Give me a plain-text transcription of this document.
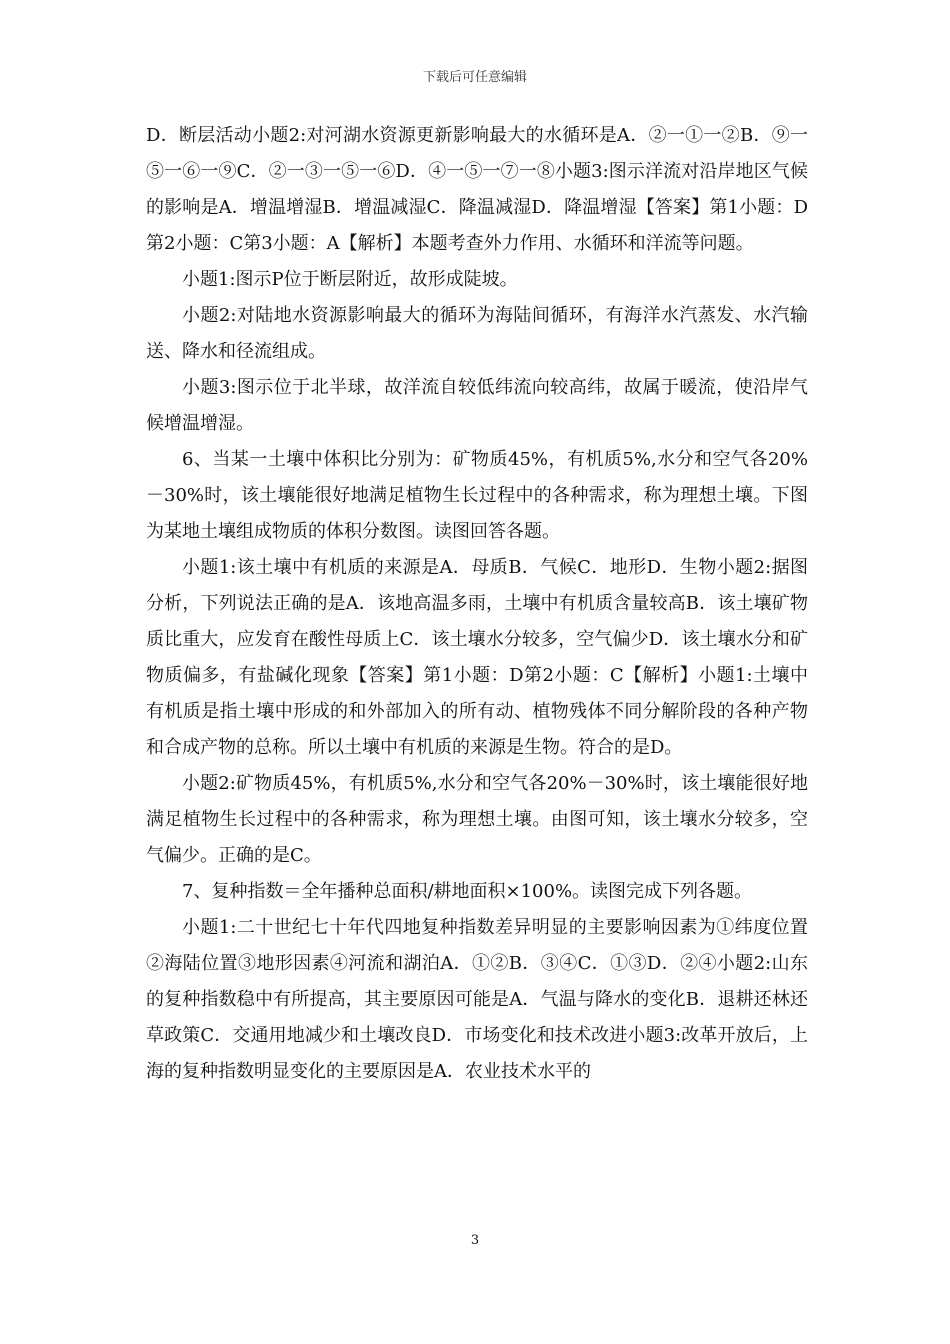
下载后可任意编辑

D．断层活动小题2:对河湖水资源更新影响最大的水循环是A．②一①一②B．⑨一⑤一⑥一⑨C．②一③一⑤一⑥D．④一⑤一⑦一⑧小题3:图示洋流对沿岸地区气候的影响是A．增温增湿B．增温减湿C．降温减湿D．降温增湿【答案】第1小题：D第2小题：C第3小题：A【解析】本题考查外力作用、水循环和洋流等问题。

小题1:图示P位于断层附近，故形成陡坡。

小题2:对陆地水资源影响最大的循环为海陆间循环，有海洋水汽蒸发、水汽输送、降水和径流组成。

小题3:图示位于北半球，故洋流自较低纬流向较高纬，故属于暖流，使沿岸气候增温增湿。

6、当某一土壤中体积比分别为：矿物质45%，有机质5%,水分和空气各20%－30%时，该土壤能很好地满足植物生长过程中的各种需求，称为理想土壤。下图为某地土壤组成物质的体积分数图。读图回答各题。

小题1:该土壤中有机质的来源是A．母质B．气候C．地形D．生物小题2:据图分析，下列说法正确的是A．该地高温多雨，土壤中有机质含量较高B．该土壤矿物质比重大，应发育在酸性母质上C．该土壤水分较多，空气偏少D．该土壤水分和矿物质偏多，有盐碱化现象【答案】第1小题：D第2小题：C【解析】小题1:土壤中有机质是指土壤中形成的和外部加入的所有动、植物残体不同分解阶段的各种产物和合成产物的总称。所以土壤中有机质的来源是生物。符合的是D。

小题2:矿物质45%，有机质5%,水分和空气各20%－30%时，该土壤能很好地满足植物生长过程中的各种需求，称为理想土壤。由图可知，该土壤水分较多，空气偏少。正确的是C。

7、复种指数＝全年播种总面积/耕地面积×100%。读图完成下列各题。

小题1:二十世纪七十年代四地复种指数差异明显的主要影响因素为①纬度位置②海陆位置③地形因素④河流和湖泊A．①②B．③④C．①③D．②④小题2:山东的复种指数稳中有所提高，其主要原因可能是A．气温与降水的变化B．退耕还林还草政策C．交通用地减少和土壤改良D．市场变化和技术改进小题3:改革开放后，上海的复种指数明显变化的主要原因是A．农业技术水平的

3
